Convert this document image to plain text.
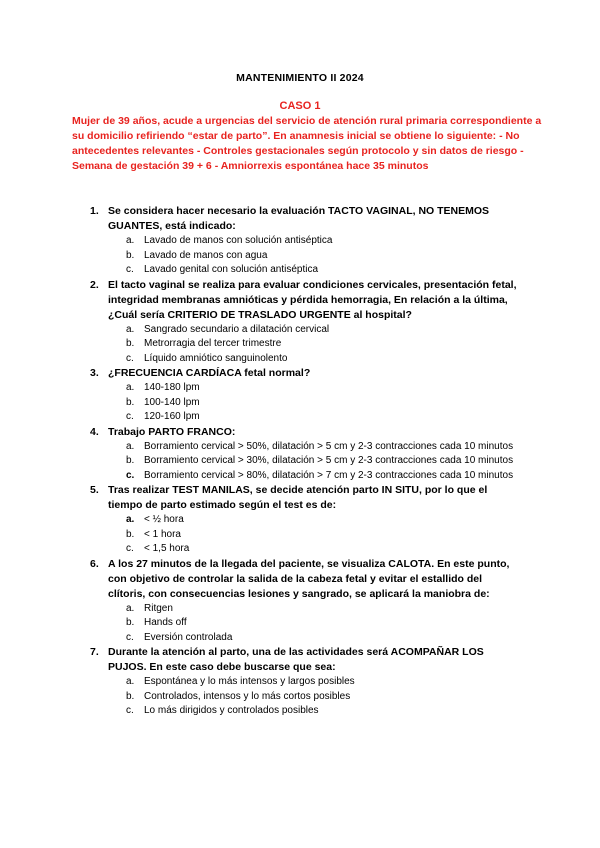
MANTENIMIENTO II 2024
CASO 1
Mujer de 39 años, acude a urgencias del servicio de atención rural primaria correspondiente a su domicilio refiriendo “estar de parto”. En anamnesis inicial se obtiene lo siguiente: - No antecedentes relevantes - Controles gestacionales según protocolo y sin datos de riesgo - Semana de gestación 39 + 6 - Amniorrexis espontánea hace 35 minutos
1. Se considera hacer necesario la evaluación TACTO VAGINAL, NO TENEMOS GUANTES, está indicado:
a. Lavado de manos con solución antiséptica
b. Lavado de manos con agua
c.	Lavado genital con solución antiséptica
2. El tacto vaginal se realiza para evaluar condiciones cervicales, presentación fetal, integridad membranas amnióticas y pérdida hemorragia, En relación a la última, ¿Cuál sería CRITERIO DE TRASLADO URGENTE al hospital?
a. Sangrado secundario a dilatación cervical
b. Metrorragia del tercer trimestre
c.	Líquido amniótico sanguinolento
3. ¿FRECUENCIA CARDÍACA fetal normal?
a. 140-180 lpm
b. 100-140 lpm
c.	120-160 lpm
4. Trabajo PARTO FRANCO:
a. Borramiento cervical > 50%, dilatación > 5 cm y 2-3 contracciones cada 10 minutos
b. Borramiento cervical > 30%, dilatación > 5 cm y 2-3 contracciones cada 10 minutos
c. Borramiento cervical > 80%, dilatación > 7 cm y 2-3 contracciones cada 10 minutos
5. Tras realizar TEST MANILAS, se decide atención parto IN SITU, por lo que el tiempo de parto estimado según el test es de:
a. < ½ hora
b. < 1 hora
c.	< 1,5 hora
6. A los 27 minutos de la llegada del paciente, se visualiza CALOTA. En este punto, con objetivo de controlar la salida de la cabeza fetal y evitar el estallido del clítoris, con consecuencias lesiones y sangrado, se aplicará la maniobra de:
a. Ritgen
b. Hands off
c.	Eversión controlada
7. Durante la atención al parto, una de las actividades será ACOMPAÑAR LOS PUJOS. En este caso debe buscarse que sea:
a. Espontánea y lo más intensos y largos posibles
b. Controlados, intensos y lo más cortos posibles
c.	Lo más dirigidos y controlados posibles
